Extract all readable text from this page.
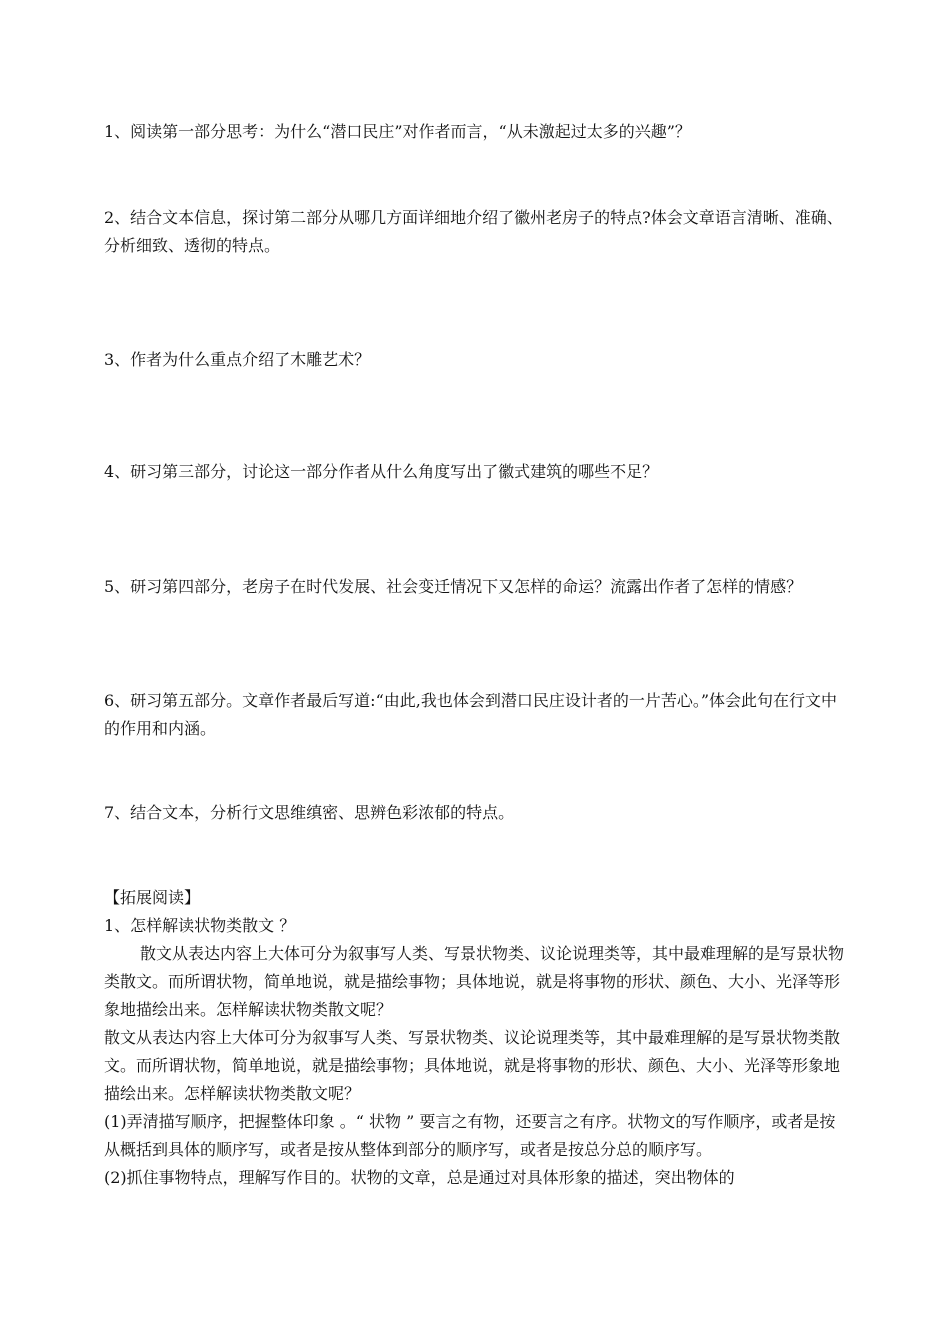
1、阅读第一部分思考：为什么“潜口民庄”对作者而言，“从未激起过太多的兴趣”？

2、结合文本信息，探讨第二部分从哪几方面详细地介绍了徽州老房子的特点?体会文章语言清晰、准确、分析细致、透彻的特点。

3、作者为什么重点介绍了木雕艺术？

4、研习第三部分，讨论这一部分作者从什么角度写出了徽式建筑的哪些不足？

5、研习第四部分，老房子在时代发展、社会变迁情况下又怎样的命运？流露出作者了怎样的情感？

6、研习第五部分。文章作者最后写道:“由此,我也体会到潜口民庄设计者的一片苦心。”体会此句在行文中的作用和内涵。

7、结合文本，分析行文思维缜密、思辨色彩浓郁的特点。

【拓展阅读】

1、怎样解读状物类散文 ？

散文从表达内容上大体可分为叙事写人类、写景状物类、议论说理类等，其中最难理解的是写景状物类散文。而所谓状物，简单地说，就是描绘事物；具体地说，就是将事物的形状、颜色、大小、光泽等形象地描绘出来。怎样解读状物类散文呢？

散文从表达内容上大体可分为叙事写人类、写景状物类、议论说理类等，其中最难理解的是写景状物类散文。而所谓状物，简单地说，就是描绘事物；具体地说，就是将事物的形状、颜色、大小、光泽等形象地描绘出来。怎样解读状物类散文呢？

(1)弄清描写顺序，把握整体印象 。“ 状物 ” 要言之有物，还要言之有序。状物文的写作顺序，或者是按从概括到具体的顺序写，或者是按从整体到部分的顺序写，或者是按总分总的顺序写。

(2)抓住事物特点，理解写作目的。状物的文章，总是通过对具体形象的描述，突出物体的
